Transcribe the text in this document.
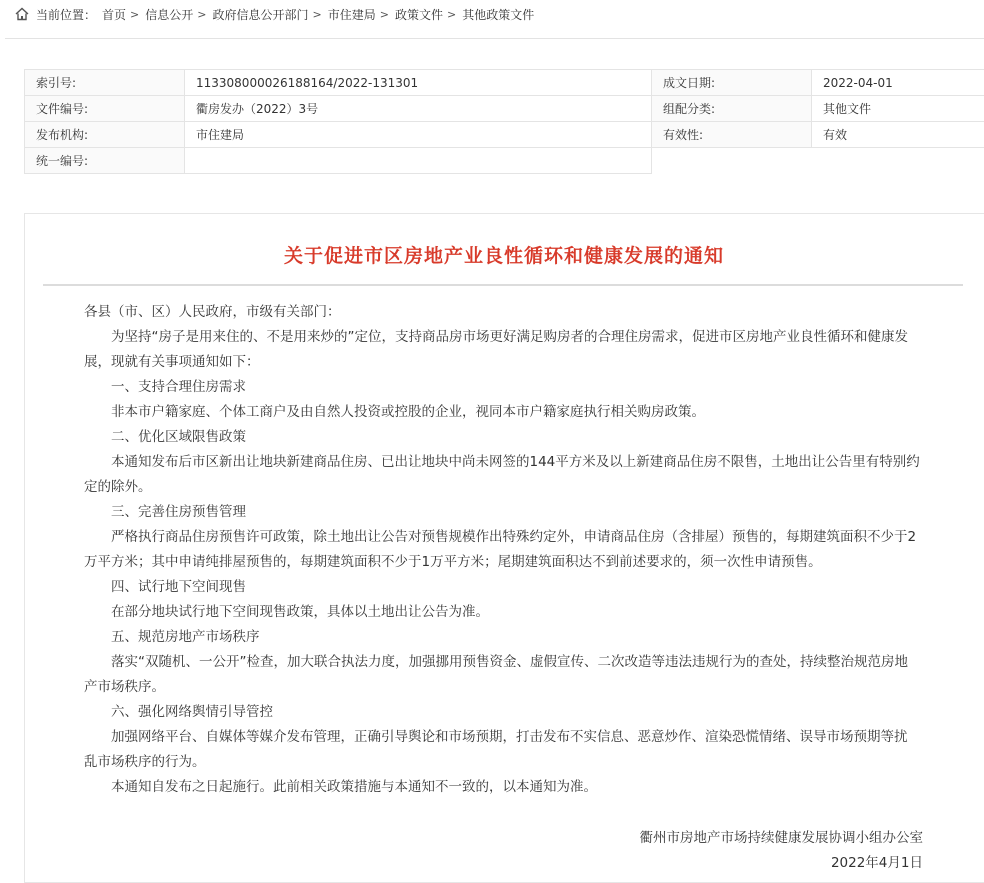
当前位置： 首页 > 信息公开 > 政府信息公开部门 > 市住建局 > 政策文件 > 其他政策文件
索引号:	113308000026188164/2022-131301	成文日期:	2022-04-01
文件编号:	衢房发办（2022）3号	组配分类:	其他文件
发布机构:	市住建局	有效性:	有效
统一编号:			
关于促进市区房地产业良性循环和健康发展的通知

各县（市、区）人民政府，市级有关部门：

为坚持“房子是用来住的、不是用来炒的”定位，支持商品房市场更好满足购房者的合理住房需求，促进市区房地产业良性循环和健康发展，现就有关事项通知如下：

一、支持合理住房需求

非本市户籍家庭、个体工商户及由自然人投资或控股的企业，视同本市户籍家庭执行相关购房政策。

二、优化区域限售政策

本通知发布后市区新出让地块新建商品住房、已出让地块中尚未网签的144平方米及以上新建商品住房不限售，土地出让公告里有特别约定的除外。

三、完善住房预售管理

严格执行商品住房预售许可政策，除土地出让公告对预售规模作出特殊约定外，申请商品住房（含排屋）预售的，每期建筑面积不少于2万平方米；其中申请纯排屋预售的，每期建筑面积不少于1万平方米；尾期建筑面积达不到前述要求的，须一次性申请预售。

四、试行地下空间现售

在部分地块试行地下空间现售政策，具体以土地出让公告为准。

五、规范房地产市场秩序

落实“双随机、一公开”检查，加大联合执法力度，加强挪用预售资金、虚假宣传、二次改造等违法违规行为的查处，持续整治规范房地产市场秩序。

六、强化网络舆情引导管控

加强网络平台、自媒体等媒介发布管理，正确引导舆论和市场预期，打击发布不实信息、恶意炒作、渲染恐慌情绪、误导市场预期等扰乱市场秩序的行为。

本通知自发布之日起施行。此前相关政策措施与本通知不一致的，以本通知为准。

衢州市房地产市场持续健康发展协调小组办公室
2022年4月1日
